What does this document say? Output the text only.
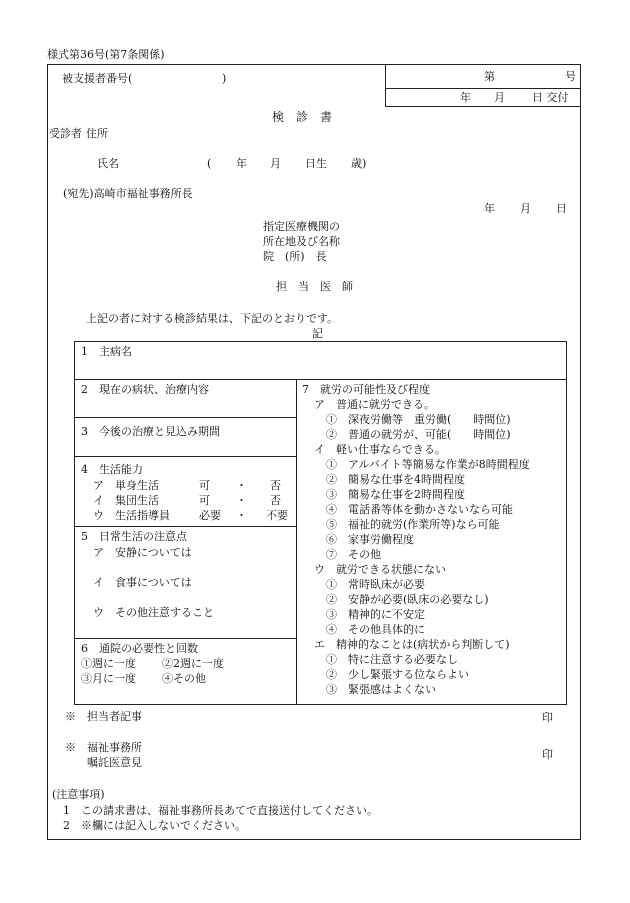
様式第36号(第7条関係)
被支援者番号(	)	第	号
年 月 日 交付
検　診　書
受診者 住所
氏名	( 年 月 日生 歳)
(宛先)高崎市福祉事務所長
年 月 日
指定医療機関の
所在地及び名称
院　(所)　長
担　当　医　師
上記の者に対する検診結果は、下記のとおりです。
記
1　主病名
2　現在の病状、治療内容
3　今後の治療と見込み期間
4　生活能力
ア　単身生活	可 ・ 否
イ　集団生活	可 ・ 否
ウ　生活指導員	必要 ・ 不要
5　日常生活の注意点
ア　安静については
イ　食事については
ウ　その他注意すること
6　通院の必要性と回数
①週に一度 ②2週に一度
③月に一度 ④その他
7　就労の可能性及び程度
ア　普通に就労できる。
①　深夜労働等　重労働(　　時間位)
②　普通の就労が、可能(　　時間位)
イ　軽い仕事ならできる。
①　アルバイト等簡易な作業が8時間程度
②　簡易な仕事を4時間程度
③　簡易な仕事を2時間程度
④　電話番等体を動かさないなら可能
⑤　福祉的就労(作業所等)なら可能
⑥　家事労働程度
⑦　その他
ウ　就労できる状態にない
①　常時臥床が必要
②　安静が必要(臥床の必要なし)
③　精神的に不安定
④　その他具体的に
エ　精神的なことは(病状から判断して)
①　特に注意する必要なし
②　少し緊張する位ならよい
③　緊張感はよくない
※　担当者記事	印
※　福祉事務所
嘱託医意見
印
(注意事項)
1　この請求書は、福祉事務所長あてで直接送付してください。
2　※欄には記入しないでください。
